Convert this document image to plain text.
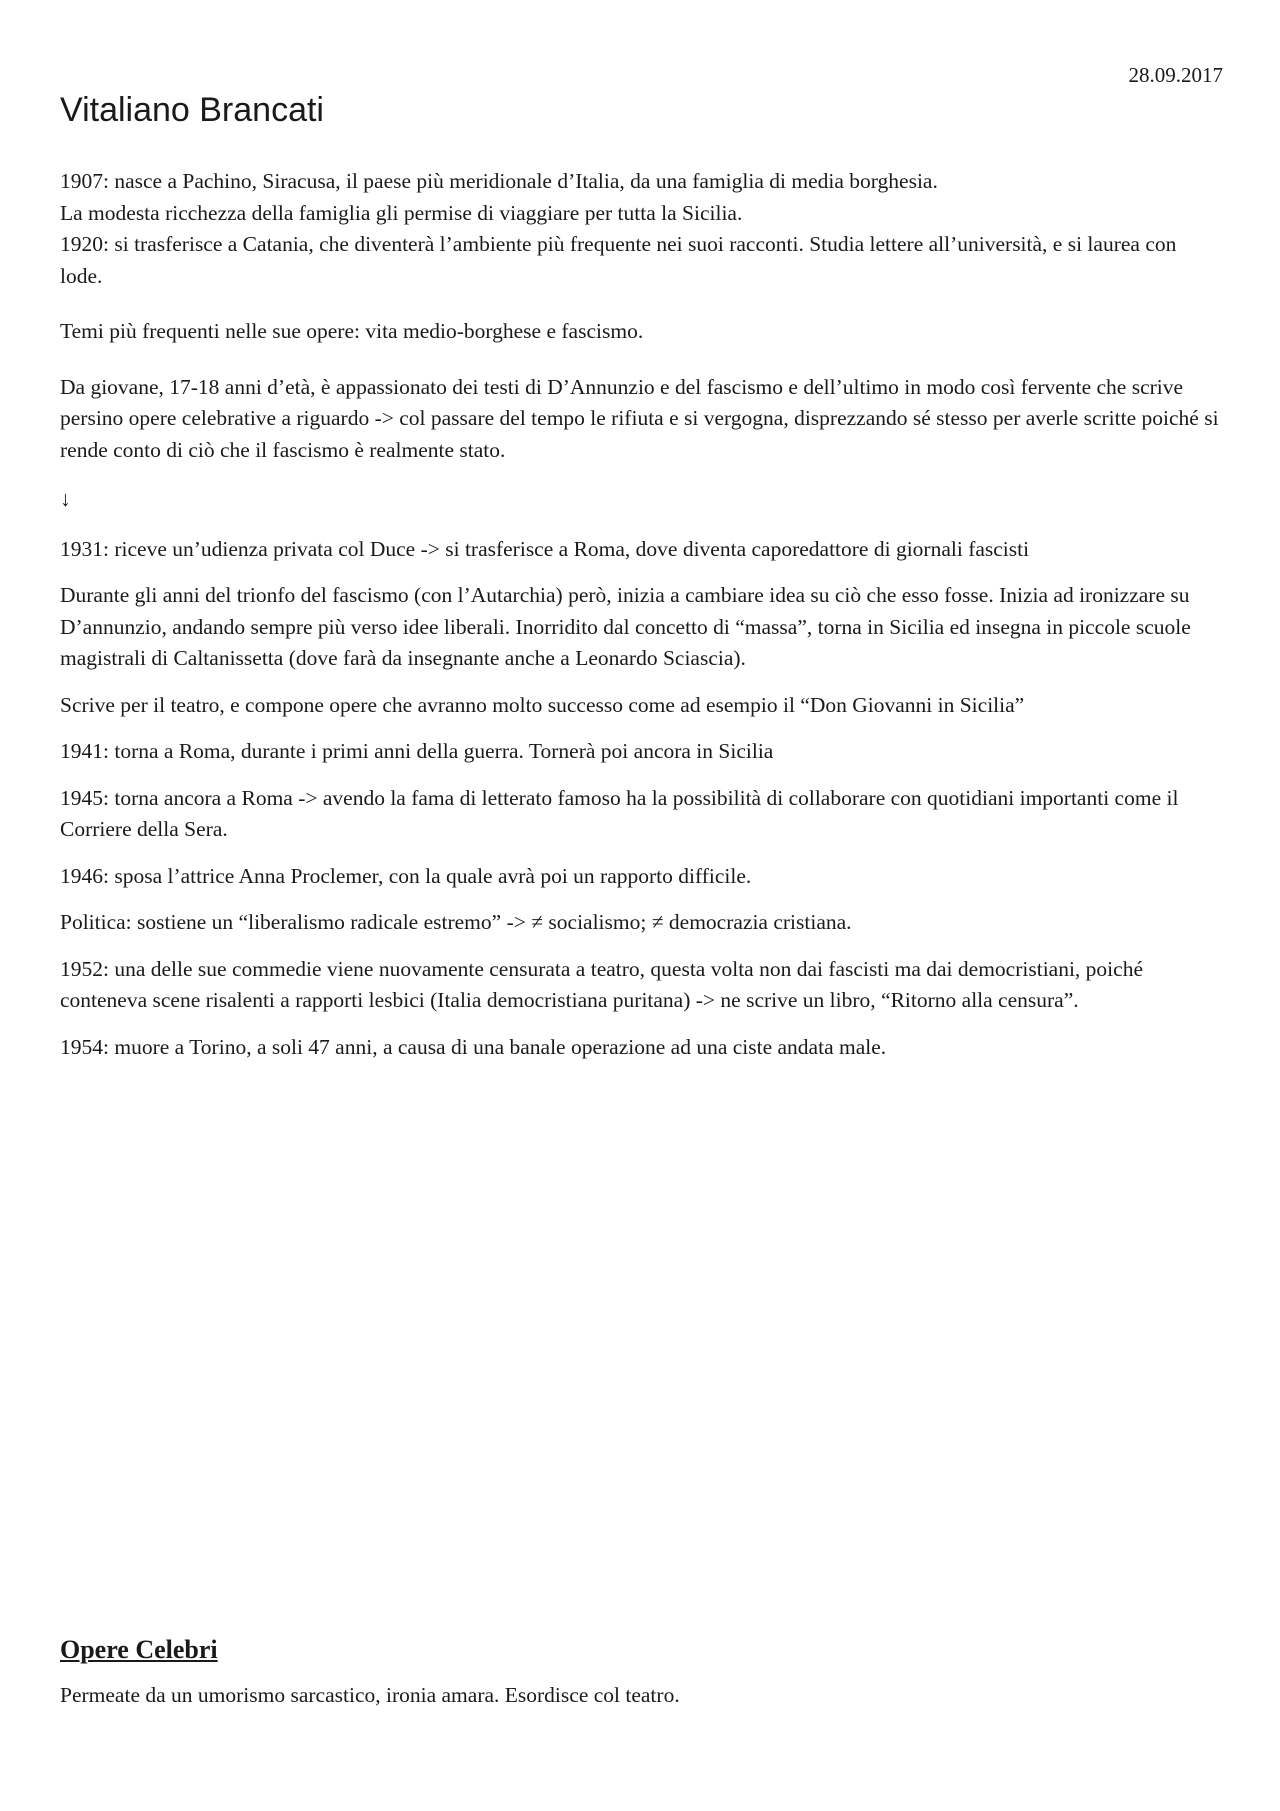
28.09.2017
Vitaliano Brancati

1907: nasce a Pachino, Siracusa, il paese più meridionale d’Italia, da una famiglia di media borghesia.
La modesta ricchezza della famiglia gli permise di viaggiare per tutta la Sicilia.
1920: si trasferisce a Catania, che diventerà l’ambiente più frequente nei suoi racconti. Studia lettere all’università, e si laurea con lode.

Temi più frequenti nelle sue opere: vita medio-borghese e fascismo.

Da giovane, 17-18 anni d’età, è appassionato dei testi di D’Annunzio e del fascismo e dell’ultimo in modo così fervente che scrive persino opere celebrative a riguardo -> col passare del tempo le rifiuta e si vergogna, disprezzando sé stesso per averle scritte poiché si rende conto di ciò che il fascismo è realmente stato.

↓

1931: riceve un’udienza privata col Duce -> si trasferisce a Roma, dove diventa caporedattore di giornali fascisti

Durante gli anni del trionfo del fascismo (con l’Autarchia) però, inizia a cambiare idea su ciò che esso fosse. Inizia ad ironizzare su D’annunzio, andando sempre più verso idee liberali. Inorridito dal concetto di “massa”, torna in Sicilia ed insegna in piccole scuole magistrali di Caltanissetta (dove farà da insegnante anche a Leonardo Sciascia).

Scrive per il teatro, e compone opere che avranno molto successo come ad esempio il “Don Giovanni in Sicilia”

1941: torna a Roma, durante i primi anni della guerra. Tornerà poi ancora in Sicilia

1945: torna ancora a Roma -> avendo la fama di letterato famoso ha la possibilità di collaborare con quotidiani importanti come il Corriere della Sera.

1946: sposa l’attrice Anna Proclemer, con la quale avrà poi un rapporto difficile.

Politica: sostiene un “liberalismo radicale estremo” -> ≠ socialismo; ≠ democrazia cristiana.

1952: una delle sue commedie viene nuovamente censurata a teatro, questa volta non dai fascisti ma dai democristiani, poiché conteneva scene risalenti a rapporti lesbici (Italia democristiana puritana) -> ne scrive un libro, “Ritorno alla censura”.

1954: muore a Torino, a soli 47 anni, a causa di una banale operazione ad una ciste andata male.

Opere Celebri

Permeate da un umorismo sarcastico, ironia amara. Esordisce col teatro.
